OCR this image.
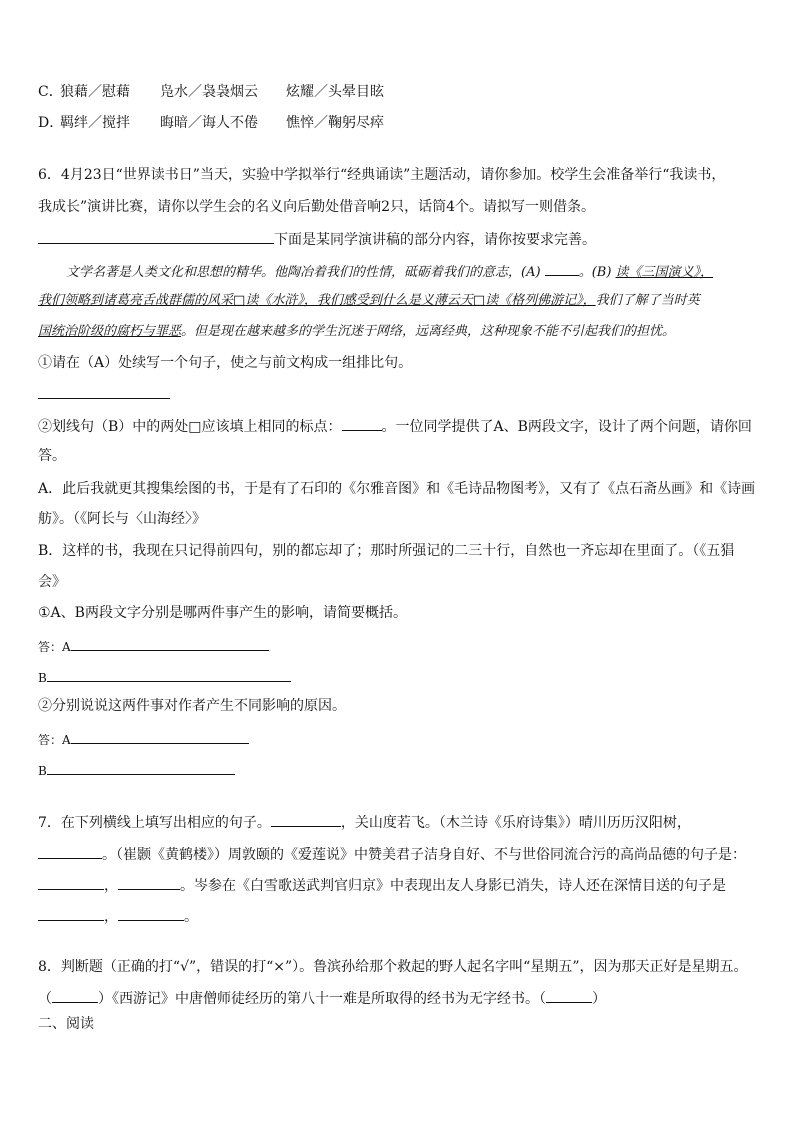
C．狼藉／慰藉 凫水／袅袅烟云 炫耀／头晕目眩
D．羁绊／搅拌 晦暗／诲人不倦 憔悴／鞠躬尽瘁
6．4月23日“世界读书日”当天，实验中学拟举行“经典诵读”主题活动，请你参加。校学生会准备举行“我读书，
我成长”演讲比赛，请你以学生会的名义向后勤处借音响2只，话筒4个。请拟写一则借条。
下面是某同学演讲稿的部分内容，请你按要求完善。
文学名著是人类文化和思想的精华。他陶冶着我们的性情，砥砺着我们的意志，(A)	。(B) 读《三国演义》，
我们领略到诸葛亮舌战群儒的风采□读《水浒》，我们感受到什么是义薄云天□读《格列佛游记》，我们了解了当时英
国统治阶级的腐朽与罪恶。但是现在越来越多的学生沉迷于网络，远离经典，这种现象不能不引起我们的担忧。
①请在（A）处续写一个句子，使之与前文构成一组排比句。
②划线句（B）中的两处□应该填上相同的标点：	。一位同学提供了A、B两段文字，设计了两个问题，请你回
答。
A．此后我就更其搜集绘图的书，于是有了石印的《尔雅音图》和《毛诗品物图考》，又有了《点石斋丛画》和《诗画
舫》。（《阿长与〈山海经〉》
B．这样的书，我现在只记得前四句，别的都忘却了；那时所强记的二三十行，自然也一齐忘却在里面了。（《五猖
会》
①A、B两段文字分别是哪两件事产生的影响，请简要概括。
答：A
B
②分别说说这两件事对作者产生不同影响的原因。
答：A
B
7．在下列横线上填写出相应的句子。	，关山度若飞。（木兰诗《乐府诗集》）晴川历历汉阳树，
。（崔颢《黄鹤楼》）周敦颐的《爱莲说》中赞美君子洁身自好、不与世俗同流合污的高尚品德的句子是：
，	。岑参在《白雪歌送武判官归京》中表现出友人身影已消失，诗人还在深情目送的句子是
，	。
8．判断题（正确的打“√”，错误的打“×”）。鲁滨孙给那个救起的野人起名字叫“星期五”，因为那天正好是星期五。
（	）《西游记》中唐僧师徒经历的第八十一难是所取得的经书为无字经书。（	）
二、阅读
